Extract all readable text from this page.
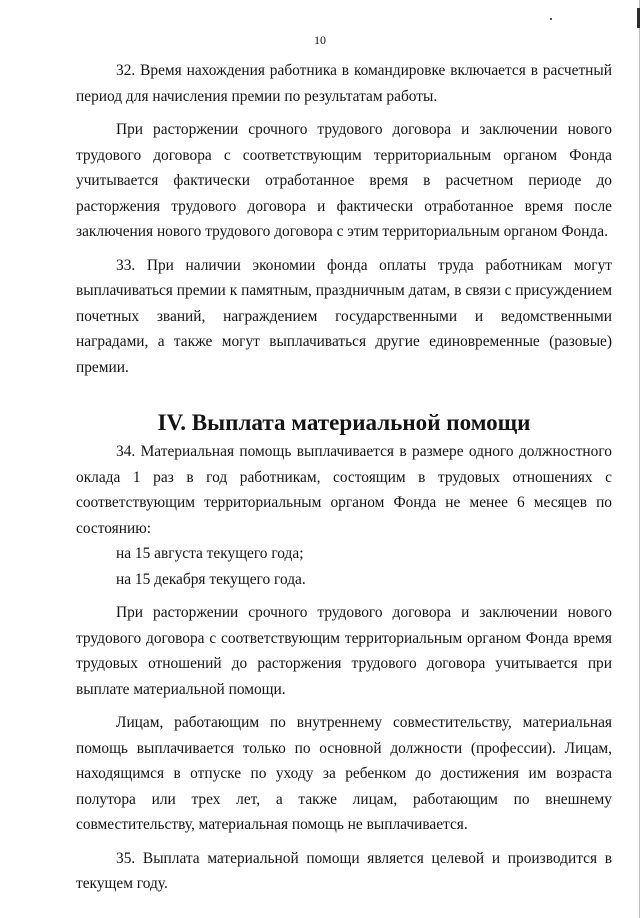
10

32. Время нахождения работника в командировке включается в расчетный период для начисления премии по результатам работы.

При расторжении срочного трудового договора и заключении нового трудового договора с соответствующим территориальным органом Фонда учитывается фактически отработанное время в расчетном периоде до расторжения трудового договора и фактически отработанное время после заключения нового трудового договора с этим территориальным органом Фонда.

33. При наличии экономии фонда оплаты труда работникам могут выплачиваться премии к памятным, праздничным датам, в связи с присуждением почетных званий, награждением государственными и ведомственными наградами, а также могут выплачиваться другие единовременные (разовые) премии.

IV. Выплата материальной помощи

34. Материальная помощь выплачивается в размере одного должностного оклада 1 раз в год работникам, состоящим в трудовых отношениях с соответствующим территориальным органом Фонда не менее 6 месяцев по состоянию:

на 15 августа текущего года;

на 15 декабря текущего года.

При расторжении срочного трудового договора и заключении нового трудового договора с соответствующим территориальным органом Фонда время трудовых отношений до расторжения трудового договора учитывается при выплате материальной помощи.

Лицам, работающим по внутреннему совместительству, материальная помощь выплачивается только по основной должности (профессии). Лицам, находящимся в отпуске по уходу за ребенком до достижения им возраста полутора или трех лет, а также лицам, работающим по внешнему совместительству, материальная помощь не выплачивается.

35. Выплата материальной помощи является целевой и производится в текущем году.
